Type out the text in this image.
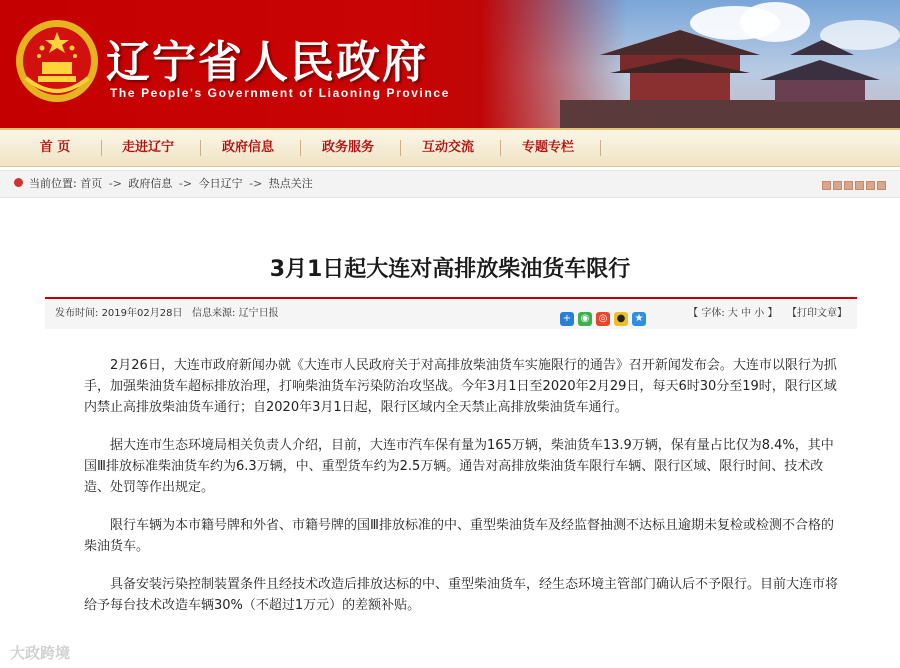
辽宁省人民政府
The People's Government of Liaoning Province
首 页	走进辽宁	政府信息	政务服务	互动交流	专题专栏
当前位置: 首页 -> 政府信息 -> 今日辽宁 -> 热点关注
3月1日起大连对高排放柴油货车限行
发布时间: 2019年02月28日 信息来源: 辽宁日报	+ ◉ ◎ ● ★	【 字体: 大 中 小 】 【打印文章】

2月26日，大连市政府新闻办就《大连市人民政府关于对高排放柴油货车实施限行的通告》召开新闻发布会。大连市以限行为抓手，加强柴油货车超标排放治理，打响柴油货车污染防治攻坚战。今年3月1日至2020年2月29日，每天6时30分至19时，限行区域内禁止高排放柴油货车通行；自2020年3月1日起，限行区域内全天禁止高排放柴油货车通行。

据大连市生态环境局相关负责人介绍，目前，大连市汽车保有量为165万辆，柴油货车13.9万辆，保有量占比仅为8.4%，其中国Ⅲ排放标准柴油货车约为6.3万辆，中、重型货车约为2.5万辆。通告对高排放柴油货车限行车辆、限行区域、限行时间、技术改造、处罚等作出规定。

限行车辆为本市籍号牌和外省、市籍号牌的国Ⅲ排放标准的中、重型柴油货车及经监督抽测不达标且逾期未复检或检测不合格的柴油货车。

具备安装污染控制装置条件且经技术改造后排放达标的中、重型柴油货车，经生态环境主管部门确认后不予限行。目前大连市将给予每台技术改造车辆30%（不超过1万元）的差额补贴。

大政跨境
